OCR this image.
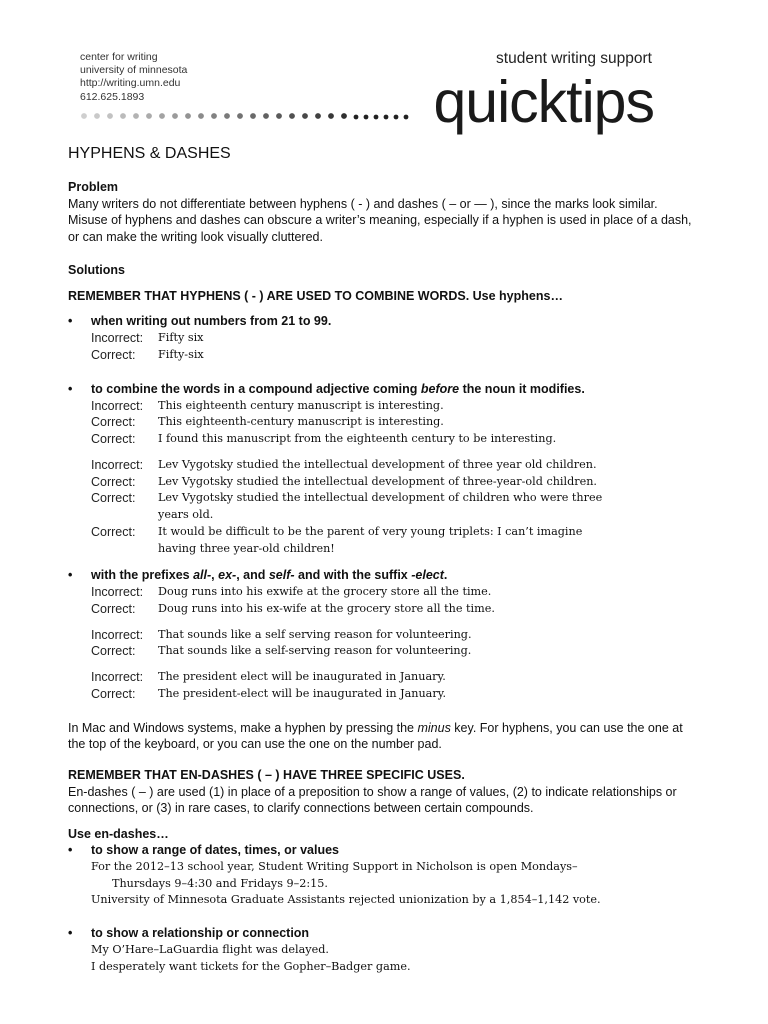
center for writing
university of minnesota
http://writing.umn.edu
612.625.1893
student writing support
quicktips
HYPHENS & DASHES
Problem
Many writers do not differentiate between hyphens ( - ) and dashes ( – or — ), since the marks look similar. Misuse of hyphens and dashes can obscure a writer’s meaning, especially if a hyphen is used in place of a dash, or can make the writing look visually cluttered.
Solutions
REMEMBER THAT HYPHENS ( - ) ARE USED TO COMBINE WORDS. Use hyphens…
• when writing out numbers from 21 to 99.
Incorrect: Fifty six
Correct: Fifty-six
• to combine the words in a compound adjective coming before the noun it modifies.
Incorrect: This eighteenth century manuscript is interesting.
Correct: This eighteenth-century manuscript is interesting.
Correct: I found this manuscript from the eighteenth century to be interesting.
Incorrect: Lev Vygotsky studied the intellectual development of three year old children.
Correct: Lev Vygotsky studied the intellectual development of three-year-old children.
Correct: Lev Vygotsky studied the intellectual development of children who were three
years old.
Correct: It would be difficult to be the parent of very young triplets: I can’t imagine
having three year-old children!
• with the prefixes all-, ex-, and self- and with the suffix -elect.
Incorrect: Doug runs into his exwife at the grocery store all the time.
Correct: Doug runs into his ex-wife at the grocery store all the time.
Incorrect: That sounds like a self serving reason for volunteering.
Correct: That sounds like a self-serving reason for volunteering.
Incorrect: The president elect will be inaugurated in January.
Correct: The president-elect will be inaugurated in January.
In Mac and Windows systems, make a hyphen by pressing the minus key. For hyphens, you can use the one at the top of the keyboard, or you can use the one on the number pad.
REMEMBER THAT EN-DASHES ( – ) HAVE THREE SPECIFIC USES.
En-dashes ( – ) are used (1) in place of a preposition to show a range of values, (2) to indicate relationships or connections, or (3) in rare cases, to clarify connections between certain compounds.
Use en-dashes…
• to show a range of dates, times, or values
For the 2012–13 school year, Student Writing Support in Nicholson is open Mondays–
Thursdays 9–4:30 and Fridays 9–2:15.
University of Minnesota Graduate Assistants rejected unionization by a 1,854–1,142 vote.
• to show a relationship or connection
My O’Hare–LaGuardia flight was delayed.
I desperately want tickets for the Gopher–Badger game.
